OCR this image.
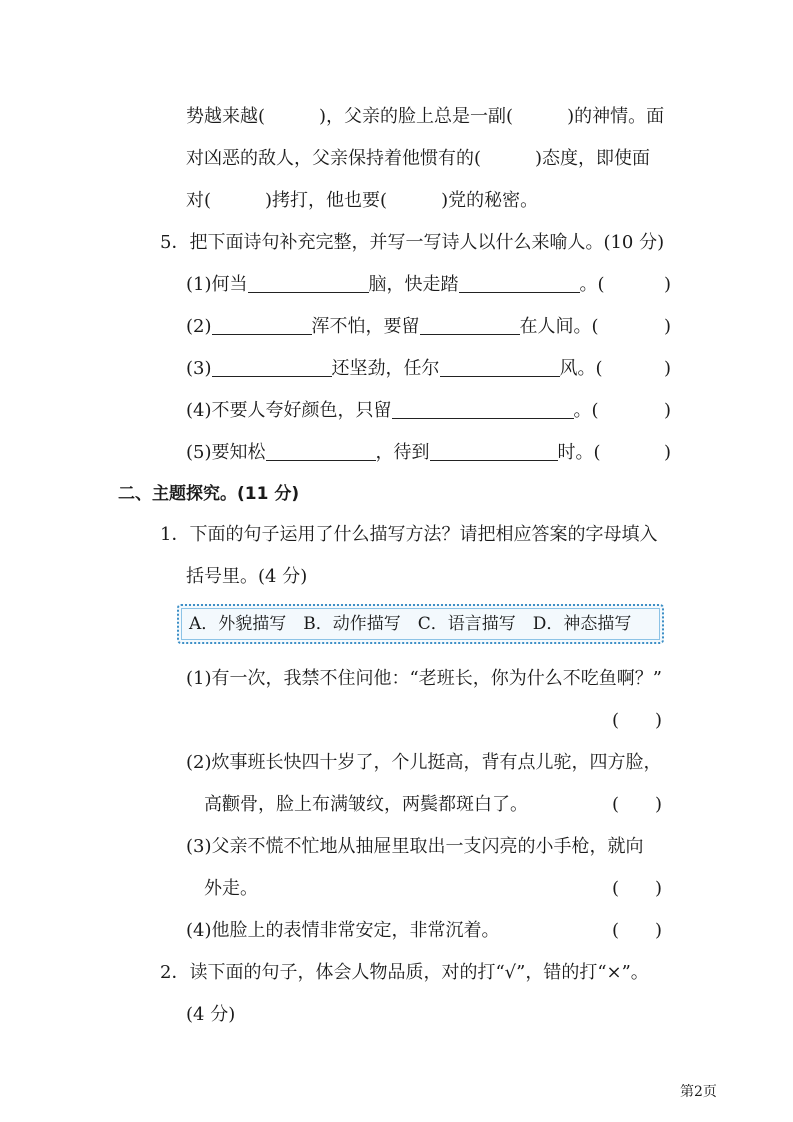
势越来越(　　　)，父亲的脸上总是一副(　　　)的神情。面
对凶恶的敌人，父亲保持着他惯有的(　　　)态度，即使面
对(　　　)拷打，他也要(　　　)党的秘密。
5．把下面诗句补充完整，并写一写诗人以什么来喻人。(10 分)
(1)何当	脑，快走踏	。(	)
(2)	浑不怕，要留	在人间。(	)
(3)	还坚劲，任尔	风。(	)
(4)不要人夸好颜色，只留	。(	)
(5)要知松	，待到	时。(	)
二、主题探究。(11 分)
1．下面的句子运用了什么描写方法？请把相应答案的字母填入
括号里。(4 分)
A．外貌描写　B．动作描写　C．语言描写　D．神态描写
(1)有一次，我禁不住问他：“老班长，你为什么不吃鱼啊？”
(　　)
(2)炊事班长快四十岁了，个儿挺高，背有点儿驼，四方脸，
高颧骨，脸上布满皱纹，两鬓都斑白了。	(　　)
(3)父亲不慌不忙地从抽屉里取出一支闪亮的小手枪，就向
外走。	(　　)
(4)他脸上的表情非常安定，非常沉着。	(　　)
2．读下面的句子，体会人物品质，对的打“√”，错的打“×”。
(4 分)
第2页
